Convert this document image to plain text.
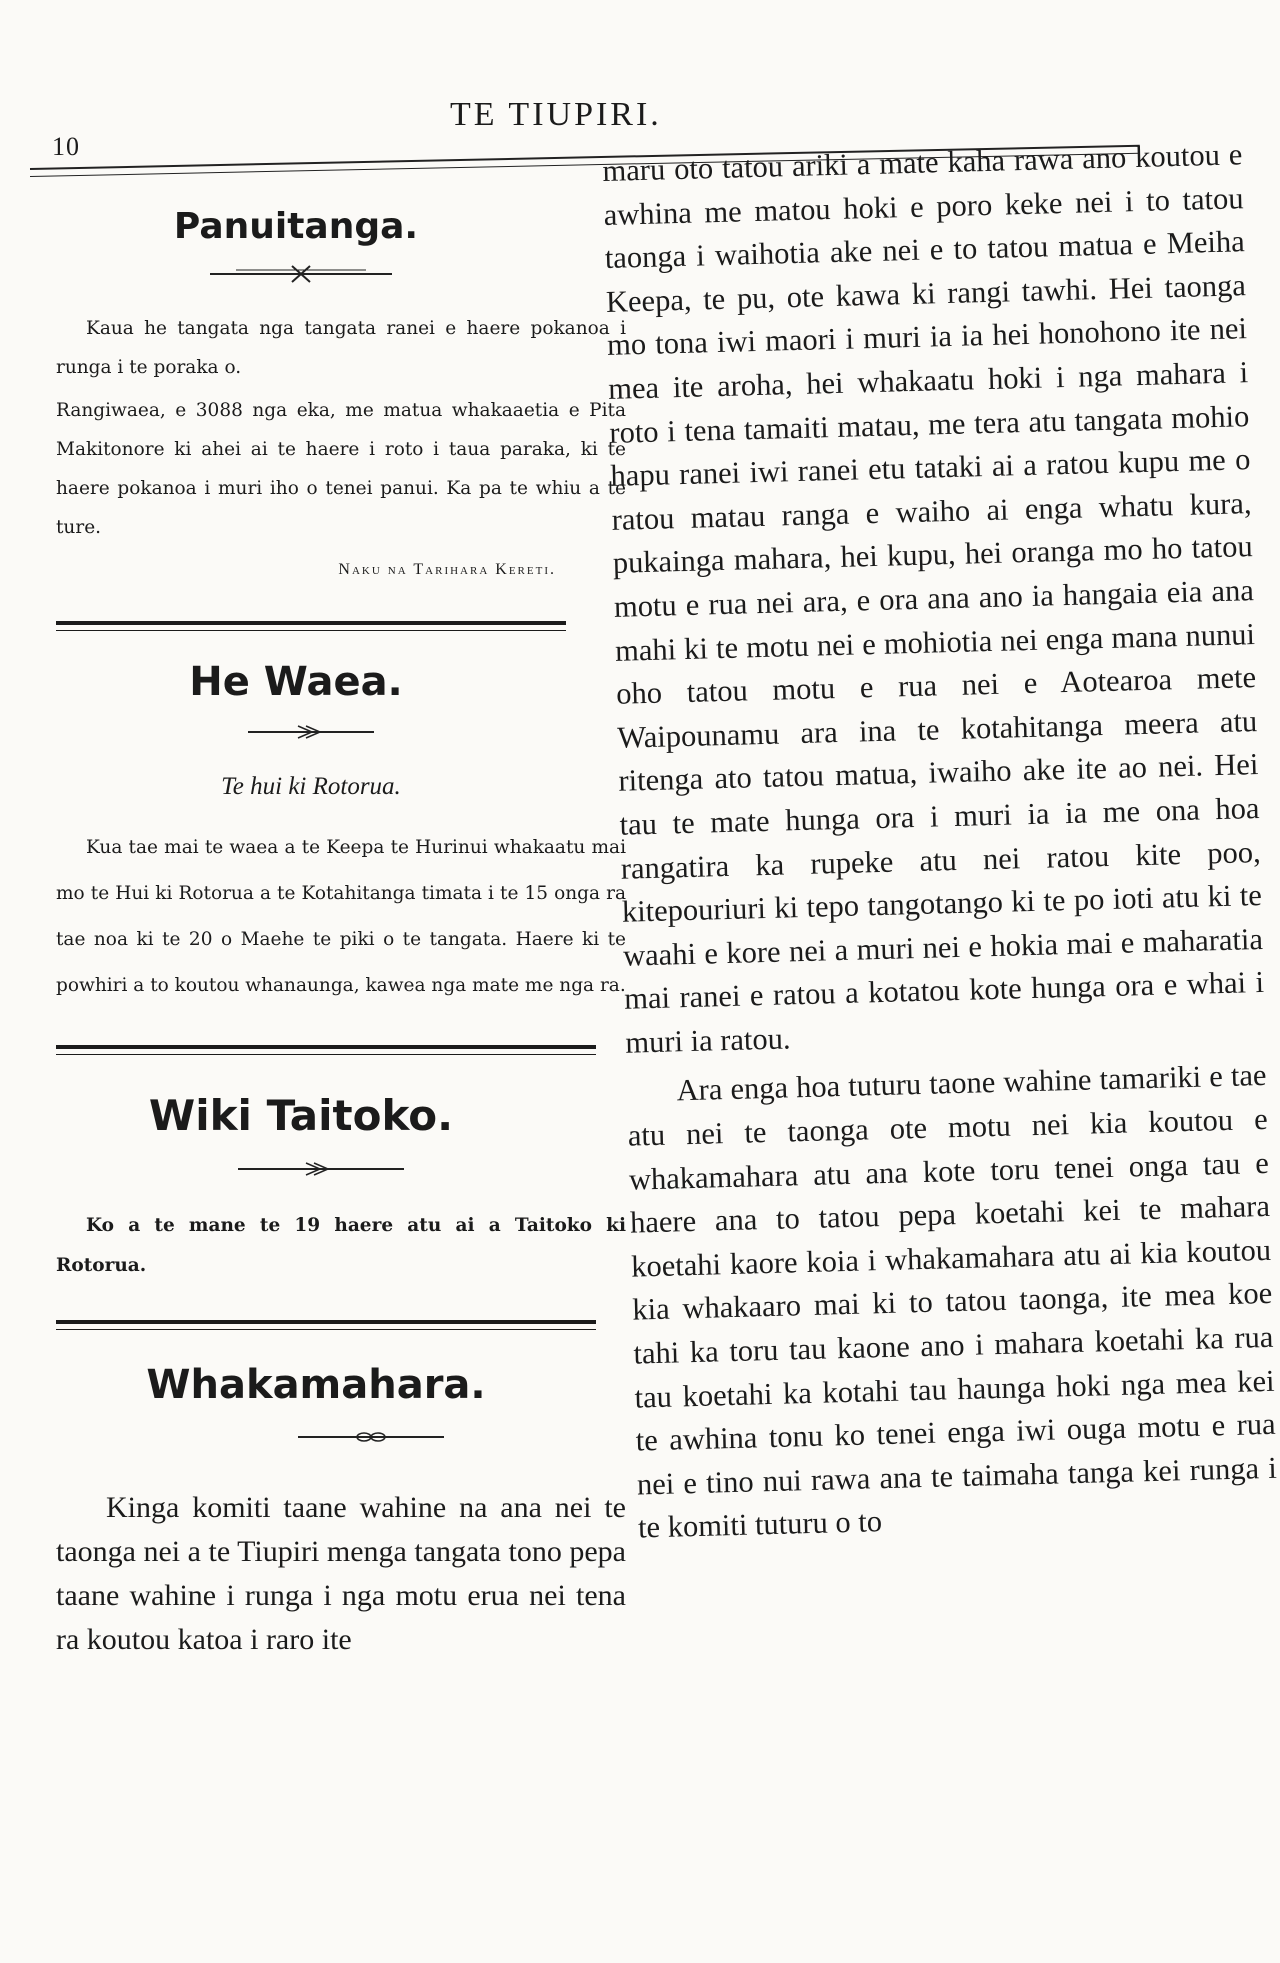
10
TE TIUPIRI.
Panuitanga.

Kaua he tangata nga tangata ranei e haere pokanoa i runga i te poraka o.

Rangiwaea, e 3088 nga eka, me matua whakaaetia e Pita Makitonore ki ahei ai te haere i roto i taua paraka, ki te haere pokanoa i muri iho o tenei panui. Ka pa te whiu a te ture.

Naku na Tarihara Kereti.
He Waea.

Te hui ki Rotorua.

Kua tae mai te waea a te Keepa te Hurinui whakaatu mai mo te Hui ki Rotorua a te Kotahitanga timata i te 15 onga ra tae noa ki te 20 o Maehe te piki o te tangata. Haere ki te powhiri a to koutou whanaunga, kawea nga mate me nga ra.

Wiki Taitoko.

Ko a te mane te 19 haere atu ai a Taitoko ki Rotorua.

Whakamahara.

Kinga komiti taane wahine na ana nei te taonga nei a te Tiupiri menga tangata tono pepa taane wahine i runga i nga motu erua nei tena ra koutou katoa i raro ite

maru oto tatou ariki a mate kaha rawa ano koutou e awhina me matou hoki e poro keke nei i to tatou taonga i waihotia ake nei e to tatou matua e Meiha Keepa, te pu, ote kawa ki rangi tawhi. Hei taonga mo tona iwi maori i muri ia ia hei honohono ite nei mea ite aroha, hei whakaatu hoki i nga mahara i roto i tena tamaiti matau, me tera atu tangata mohio hapu ranei iwi ranei etu tataki ai a ratou kupu me o ratou matau ranga e waiho ai enga whatu kura, pukainga mahara, hei kupu, hei oranga mo ho tatou motu e rua nei ara, e ora ana ano ia hangaia eia ana mahi ki te motu nei e mohiotia nei enga mana nunui oho tatou motu e rua nei e Aotearoa mete Waipounamu ara ina te kotahitanga meera atu ritenga ato tatou matua, iwaiho ake ite ao nei. Hei tau te mate hunga ora i muri ia ia me ona hoa rangatira ka rupeke atu nei ratou kite poo, kitepouriuri ki tepo tangotango ki te po ioti atu ki te waahi e kore nei a muri nei e hokia mai e maharatia mai ranei e ratou a kotatou kote hunga ora e whai i muri ia ratou.

Ara enga hoa tuturu taone wahine tamariki e tae atu nei te taonga ote motu nei kia koutou e whakamahara atu ana kote toru tenei onga tau e haere ana to tatou pepa koetahi kei te mahara koetahi kaore koia i whakamahara atu ai kia koutou kia whakaaro mai ki to tatou taonga, ite mea koe tahi ka toru tau kaone ano i mahara koetahi ka rua tau koetahi ka kotahi tau haunga hoki nga mea kei te awhina tonu ko tenei enga iwi ouga motu e rua nei e tino nui rawa ana te taimaha tanga kei runga i te komiti tuturu o to
